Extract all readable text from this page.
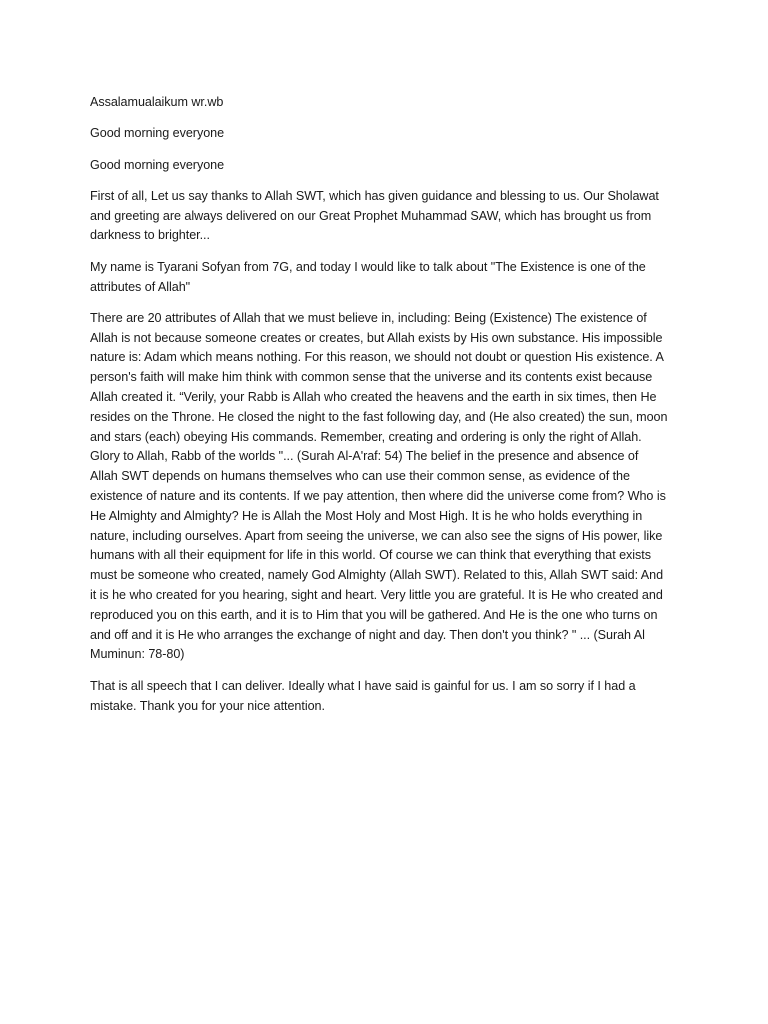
Assalamualaikum wr.wb

Good morning everyone

Good morning everyone

First of all, Let us say thanks to Allah SWT, which has given guidance and blessing to us. Our Sholawat and greeting are always delivered on our Great Prophet Muhammad SAW, which has brought us from darkness to brighter...

My name is Tyarani Sofyan from 7G, and today I would like to talk about "The Existence is one of the attributes of Allah"

There are 20 attributes of Allah that we must believe in, including: Being (Existence) The existence of Allah is not because someone creates or creates, but Allah exists by His own substance. His impossible nature is: Adam which means nothing. For this reason, we should not doubt or question His existence. A person's faith will make him think with common sense that the universe and its contents exist because Allah created it. “Verily, your Rabb is Allah who created the heavens and the earth in six times, then He resides on the Throne. He closed the night to the fast following day, and (He also created) the sun, moon and stars (each) obeying His commands. Remember, creating and ordering is only the right of Allah. Glory to Allah, Rabb of the worlds "... (Surah Al-A'raf: 54) The belief in the presence and absence of Allah SWT depends on humans themselves who can use their common sense, as evidence of the existence of nature and its contents. If we pay attention, then where did the universe come from? Who is He Almighty and Almighty? He is Allah the Most Holy and Most High. It is he who holds everything in nature, including ourselves. Apart from seeing the universe, we can also see the signs of His power, like humans with all their equipment for life in this world. Of course we can think that everything that exists must be someone who created, namely God Almighty (Allah SWT). Related to this, Allah SWT said: And it is he who created for you hearing, sight and heart. Very little you are grateful. It is He who created and reproduced you on this earth, and it is to Him that you will be gathered. And He is the one who turns on and off and it is He who arranges the exchange of night and day. Then don't you think? " ... (Surah Al Muminun: 78-80)

That is all speech that I can deliver. Ideally what I have said is gainful for us. I am so sorry if I had a mistake. Thank you for your nice attention.
